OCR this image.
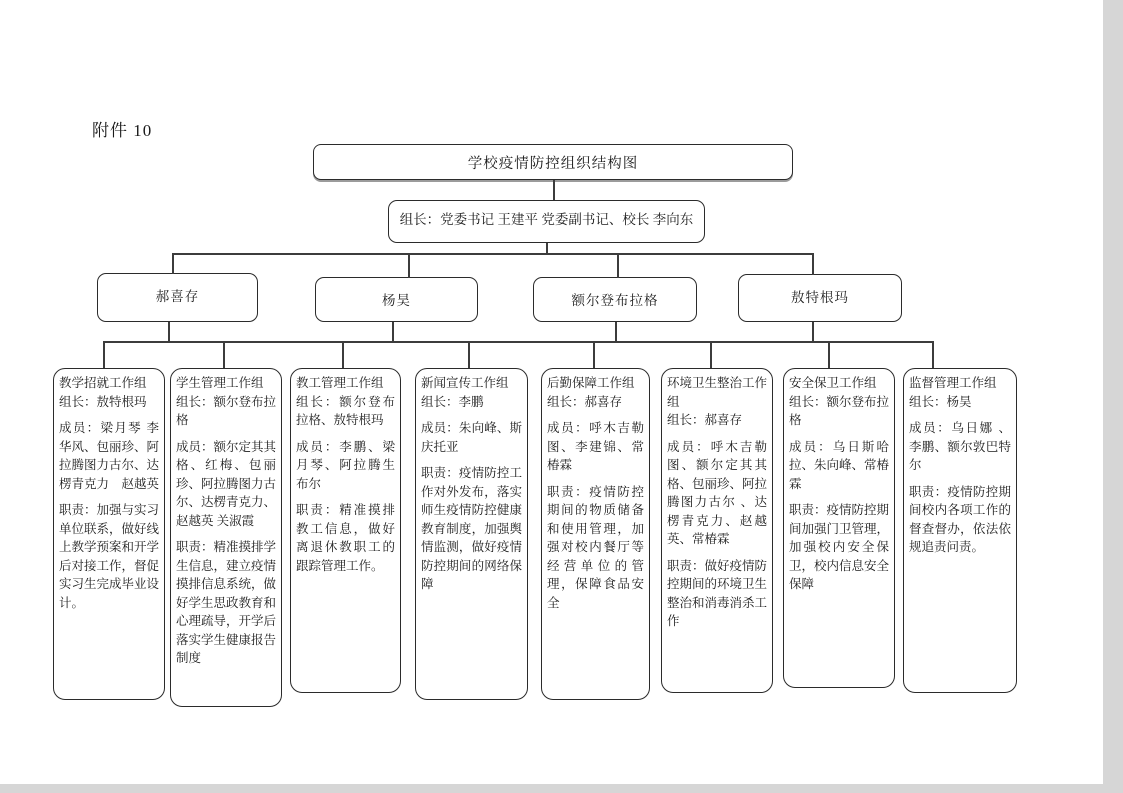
附件 10
学校疫情防控组织结构图
组长：党委书记 王建平 党委副书记、校长 李向东
郝喜存	杨昊	额尔登布拉格	敖特根玛
教学招就工作组
组长：敖特根玛
成员：梁月琴 李华风、包丽珍、阿拉腾图力古尔、达楞青克力　赵越英
职责：加强与实习单位联系，做好线上教学预案和开学后对接工作，督促实习生完成毕业设计。
学生管理工作组
组长：额尔登布拉格
成员：额尔定其其格、红梅、包丽珍、阿拉腾图力古尔、达楞青克力、赵越英 关淑霞
职责：精准摸排学生信息，建立疫情摸排信息系统，做好学生思政教育和心理疏导，开学后落实学生健康报告制度
教工管理工作组
组长：额尔登布拉格、敖特根玛
成员：李鹏、梁月琴、阿拉腾生布尔
职责：精准摸排教工信息，做好离退休教职工的跟踪管理工作。
新闻宣传工作组
组长：李鹏
成员：朱向峰、斯庆托亚
职责：疫情防控工作对外发布，落实师生疫情防控健康教育制度，加强舆情监测，做好疫情防控期间的网络保障
后勤保障工作组
组长：郝喜存
成员：呼木吉勒图、李建锦、常椿霖
职责：疫情防控期间的物质储备和使用管理，加强对校内餐厅等经营单位的管理，保障食品安全
环境卫生整治工作组
组长：郝喜存
成员：呼木吉勒图、额尔定其其格、包丽珍、阿拉腾图力古尔 、达楞青克力、赵越英、常椿霖
职责：做好疫情防控期间的环境卫生整治和消毒消杀工作
安全保卫工作组
组长：额尔登布拉格
成员：乌日斯哈拉、朱向峰、常椿霖
职责：疫情防控期间加强门卫管理，加强校内安全保卫，校内信息安全保障
监督管理工作组
组长：杨昊
成员：乌日娜 、李鹏、额尔敦巴特尔
职责：疫情防控期间校内各项工作的督查督办，依法依规追责问责。
